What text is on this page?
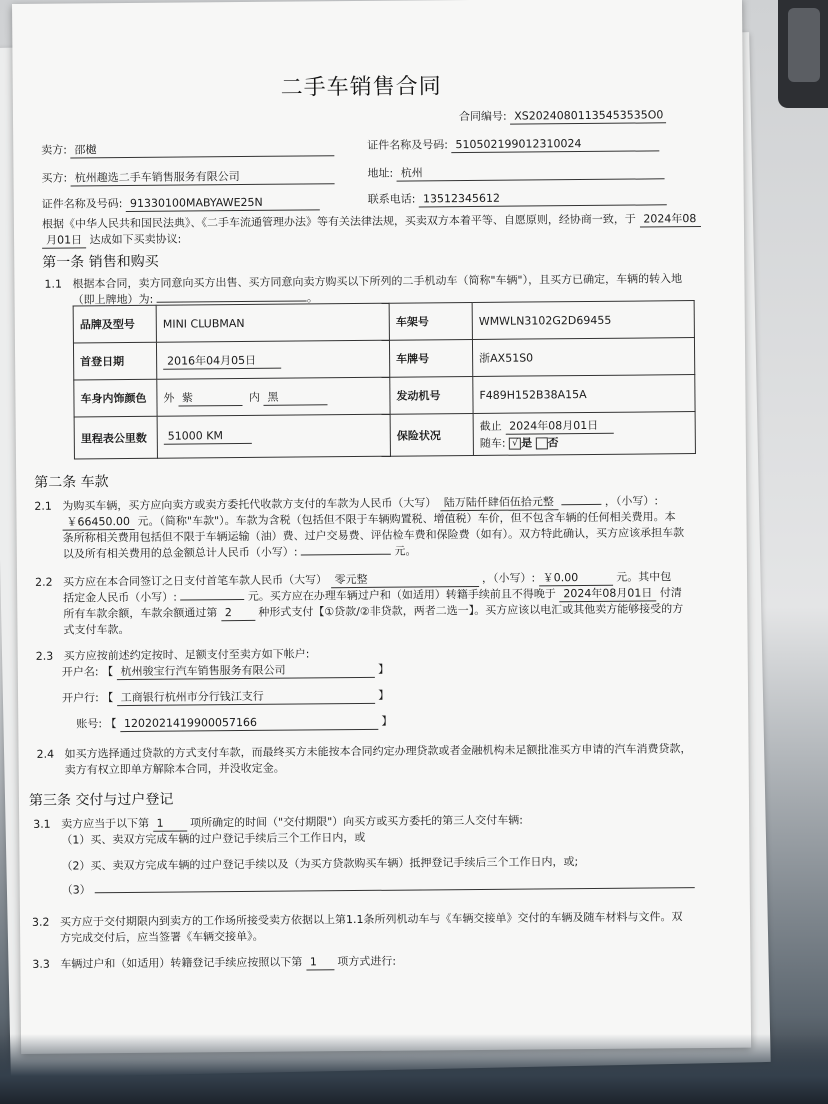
二手车销售合同
合同编号: XS20240801135453535O0
卖方: 邵樾	证件名称及号码: 510502199012310024
买方: 杭州趣选二手车销售服务有限公司	地址: 杭州
证件名称及号码: 91330100MABYAWE25N	联系电话: 13512345612
根据《中华人民共和国民法典》、《二手车流通管理办法》等有关法律法规，买卖双方本着平等、自愿原则，经协商一致，于 2024年08
月01日 达成如下买卖协议:
第一条 销售和购买
1.1 根据本合同，卖方同意向买方出售、买方同意向卖方购买以下所列的二手机动车（简称"车辆"），且买方已确定，车辆的转入地
（即上牌地）为:	。
品牌及型号	MINI CLUBMAN	车架号	WMWLN3102G2D69455
首登日期	2016年04月05日	车牌号	浙AX51S0
车身内饰颜色	外 紫 内 黑	发动机号	F489H152B38A15A
里程表公里数	51000 KM	保险状况	截止 2024年08月01日
随车: √ 是 否
第二条 车款
2.1 为购买车辆，买方应向卖方或卖方委托代收款方支付的车款为人民币（大写） 陆万陆仟肆佰伍拾元整	，（小写）:
￥66450.00 元。（简称"车款"）。车款为含税（包括但不限于车辆购置税、增值税）车价，但不包含车辆的任何相关费用。本
条所称相关费用包括但不限于车辆运输（油）费、过户交易费、评估检车费和保险费（如有）。双方特此确认，买方应该承担车款
以及所有相关费用的总金额总计人民币（小写）:	元。
2.2 买方应在本合同签订之日支付首笔车款人民币（大写） 零元整	，（小写）: ￥0.00	元。其中包
括定金人民币（小写）:	元。买方应在办理车辆过户和（如适用）转籍手续前且不得晚于 2024年08月01日 付清
所有车款余额，车款余额通过第 2 种形式支付【①贷款/②非贷款，两者二选一】。买方应该以电汇或其他卖方能够接受的方
式支付车款。
2.3 买方应按前述约定按时、足额支付至卖方如下帐户:
开户名: 【 杭州骏宝行汽车销售服务有限公司	】
开户行: 【 工商银行杭州市分行钱江支行	】
账号: 【 1202021419900057166	】
2.4 如买方选择通过贷款的方式支付车款，而最终买方未能按本合同约定办理贷款或者金融机构未足额批准买方申请的汽车消费贷款，
卖方有权立即单方解除本合同，并没收定金。
第三条 交付与过户登记
3.1 卖方应当于以下第 1 项所确定的时间（"交付期限"）向买方或买方委托的第三人交付车辆:
（1）买、卖双方完成车辆的过户登记手续后三个工作日内，或
（2）买、卖双方完成车辆的过户登记手续以及（为买方贷款购买车辆）抵押登记手续后三个工作日内，或;
（3）
3.2 买方应于交付期限内到卖方的工作场所接受卖方依据以上第1.1条所列机动车与《车辆交接单》交付的车辆及随车材料与文件。双
方完成交付后，应当签署《车辆交接单》。
3.3 车辆过户和（如适用）转籍登记手续应按照以下第 1 项方式进行:
